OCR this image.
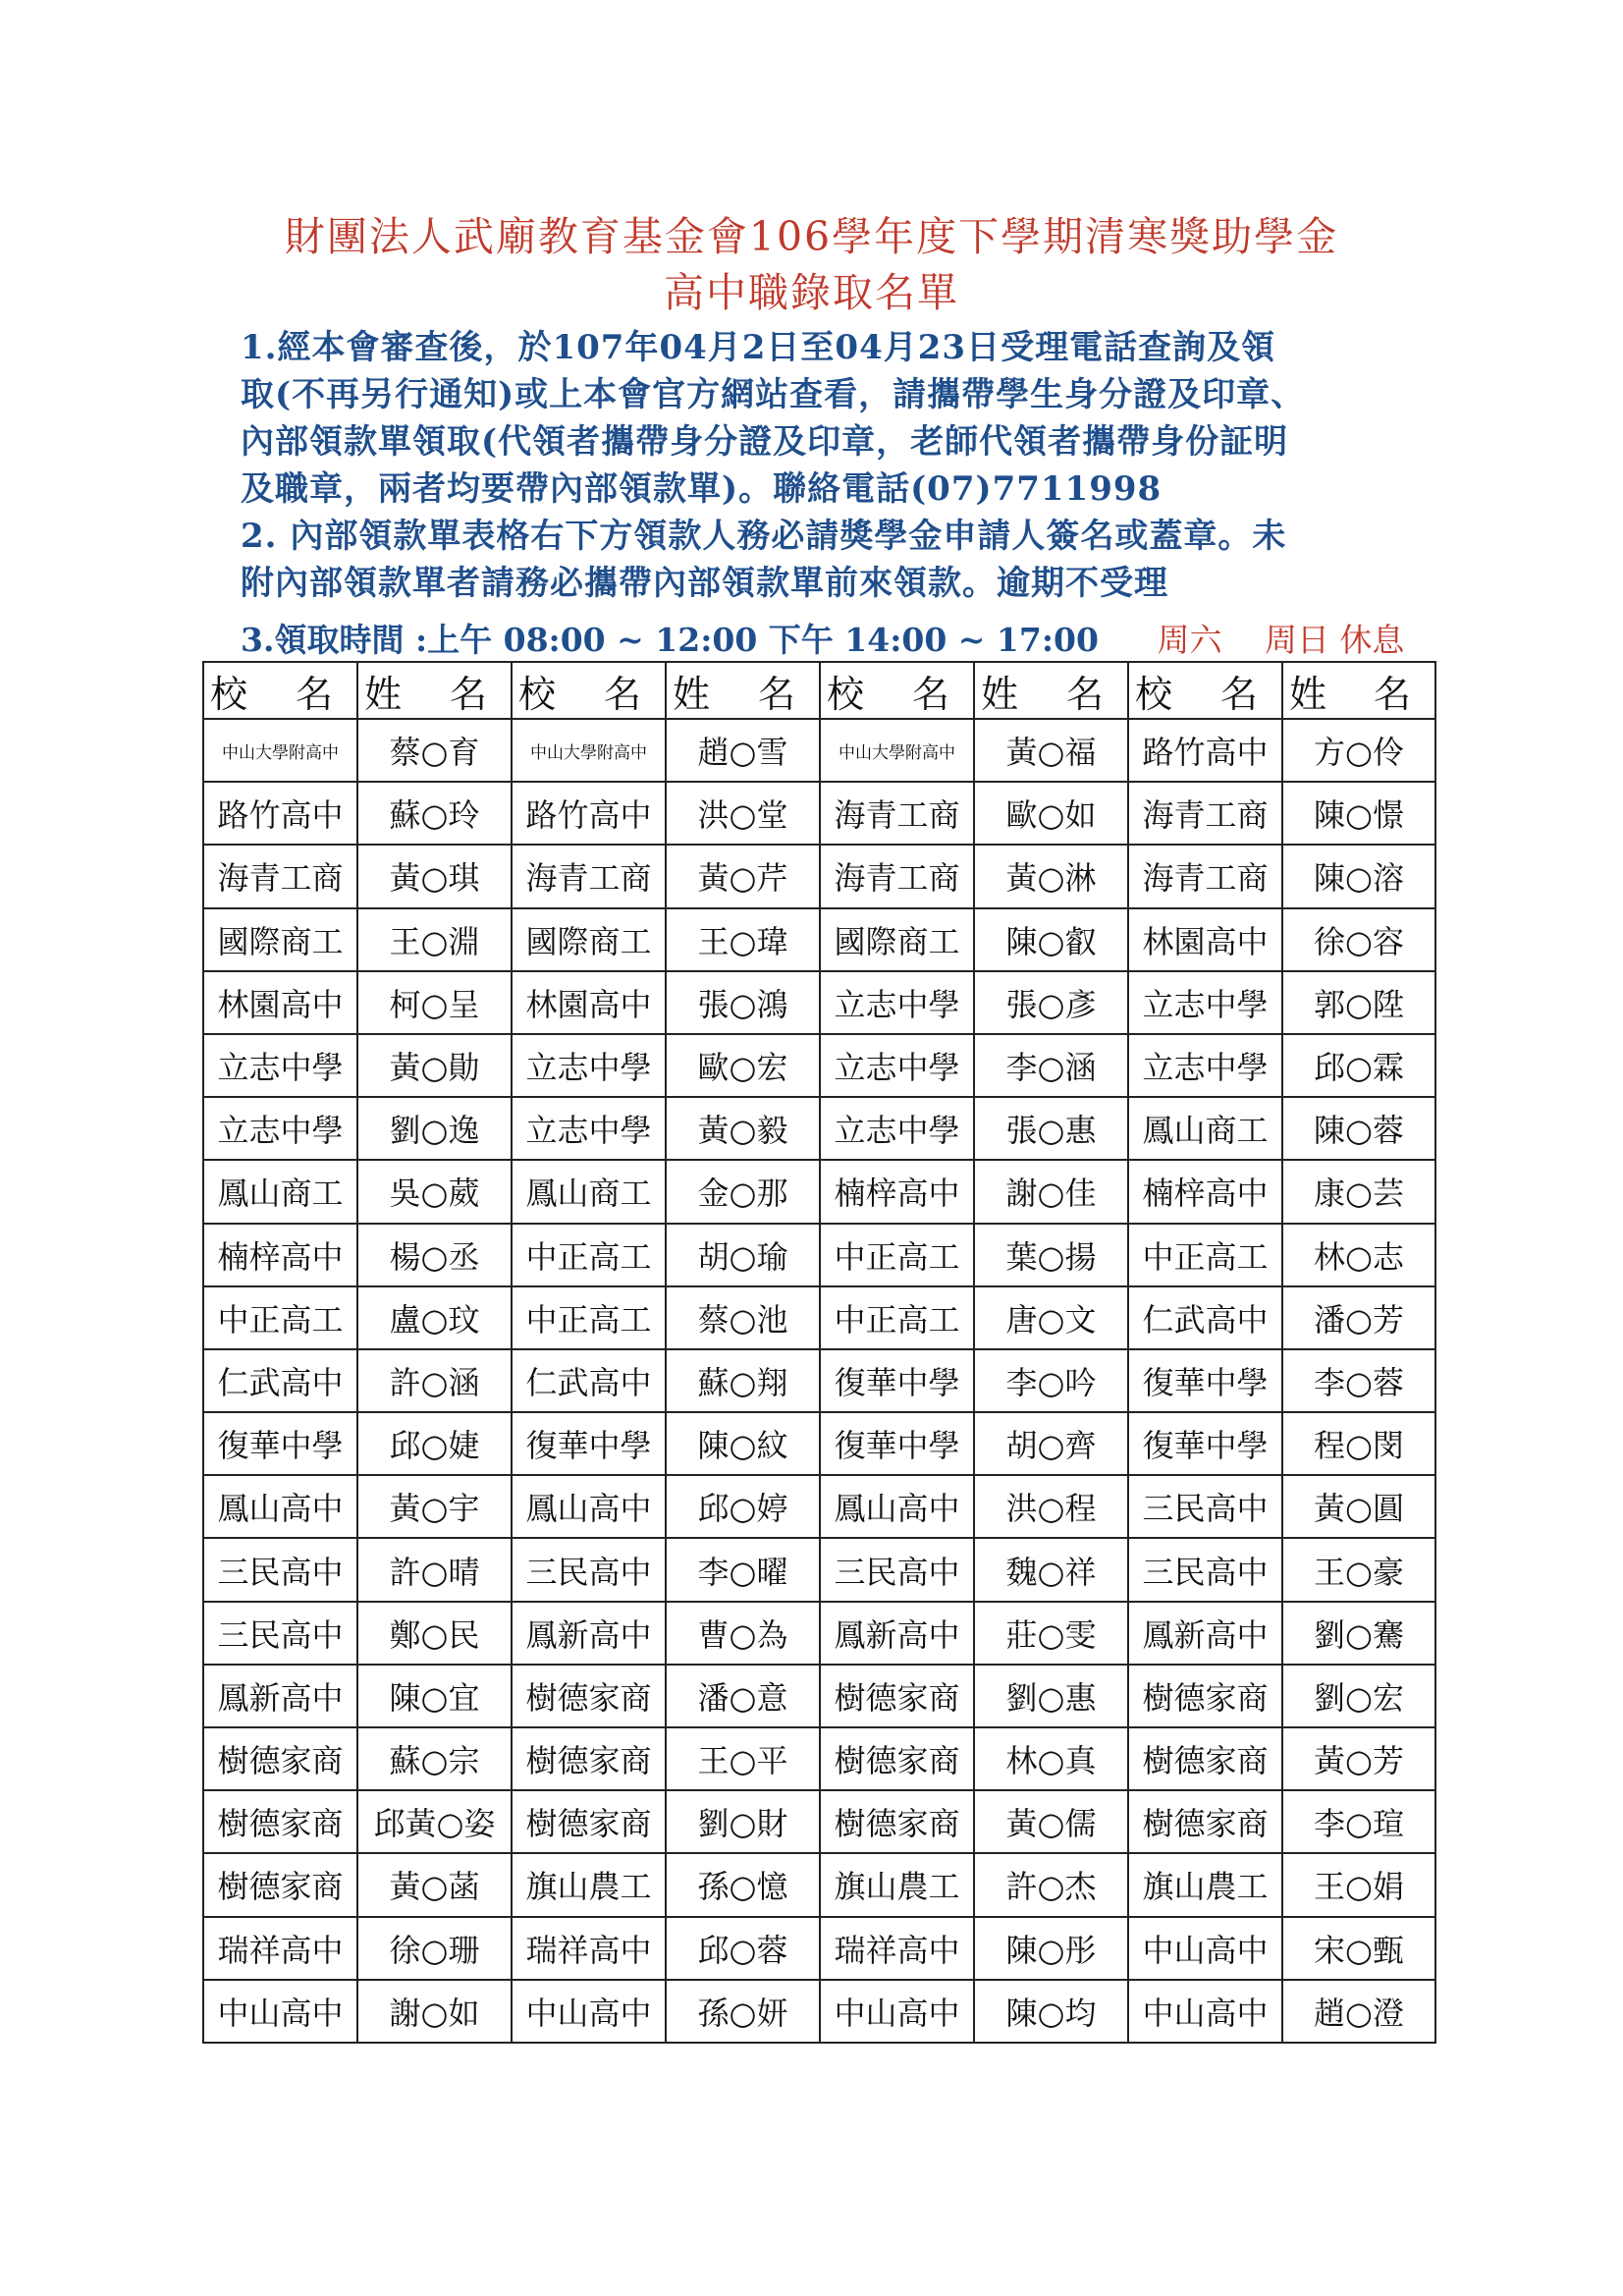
財團法人武廟教育基金會106學年度下學期清寒獎助學金
高中職錄取名單

1.經本會審查後，於107年04月2日至04月23日受理電話查詢及領

取(不再另行通知)或上本會官方網站查看，請攜帶學生身分證及印章、

內部領款單領取(代領者攜帶身分證及印章，老師代領者攜帶身份証明

及職章，兩者均要帶內部領款單)。聯絡電話(07)7711998

2. 內部領款單表格右下方領款人務必請獎學金申請人簽名或蓋章。未

附內部領款單者請務必攜帶內部領款單前來領款。逾期不受理

3.領取時間 :上午 08:00 ~ 12:00 下午 14:00 ~ 17:00 周六　 周日 休息
校 名	姓 名	校 名	姓 名	校 名	姓 名	校 名	姓 名

中山大學附高中	蔡○育	中山大學附高中	趙○雪	中山大學附高中	黃○福	路竹高中	方○伶
路竹高中	蘇○玲	路竹高中	洪○堂	海青工商	歐○如	海青工商	陳○憬
海青工商	黃○琪	海青工商	黃○芹	海青工商	黃○淋	海青工商	陳○溶
國際商工	王○淵	國際商工	王○瑋	國際商工	陳○叡	林園高中	徐○容
林園高中	柯○呈	林園高中	張○鴻	立志中學	張○彥	立志中學	郭○陞
立志中學	黃○勛	立志中學	歐○宏	立志中學	李○涵	立志中學	邱○霖
立志中學	劉○逸	立志中學	黃○毅	立志中學	張○惠	鳳山商工	陳○蓉
鳳山商工	吳○葳	鳳山商工	金○那	楠梓高中	謝○佳	楠梓高中	康○芸
楠梓高中	楊○丞	中正高工	胡○瑜	中正高工	葉○揚	中正高工	林○志
中正高工	盧○玟	中正高工	蔡○池	中正高工	唐○文	仁武高中	潘○芳
仁武高中	許○涵	仁武高中	蘇○翔	復華中學	李○吟	復華中學	李○蓉
復華中學	邱○婕	復華中學	陳○紋	復華中學	胡○齊	復華中學	程○閔
鳳山高中	黃○宇	鳳山高中	邱○婷	鳳山高中	洪○程	三民高中	黃○圓
三民高中	許○晴	三民高中	李○曜	三民高中	魏○祥	三民高中	王○豪
三民高中	鄭○民	鳳新高中	曹○為	鳳新高中	莊○雯	鳳新高中	劉○騫
鳳新高中	陳○宜	樹德家商	潘○意	樹德家商	劉○惠	樹德家商	劉○宏
樹德家商	蘇○宗	樹德家商	王○平	樹德家商	林○真	樹德家商	黃○芳
樹德家商	邱黃○姿	樹德家商	劉○財	樹德家商	黃○儒	樹德家商	李○瑄
樹德家商	黃○菡	旗山農工	孫○憶	旗山農工	許○杰	旗山農工	王○娟
瑞祥高中	徐○珊	瑞祥高中	邱○蓉	瑞祥高中	陳○彤	中山高中	宋○甄
中山高中	謝○如	中山高中	孫○妍	中山高中	陳○均	中山高中	趙○澄
